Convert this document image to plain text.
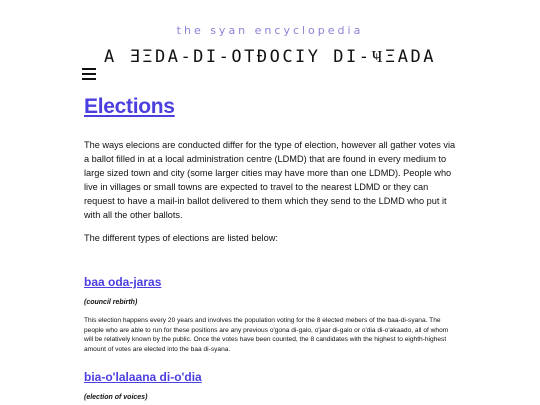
the syan encyclopedia
A ƎΞDA-DI-OTĐOCIY DI-ҸΞADA
Elections

The ways elecions are conducted differ for the type of election, however all gather votes via a ballot filled in at a local administration centre (LDMD) that are found in every medium to large sized town and city (some larger cities may have more than one LDMD). People who live in villages or small towns are expected to travel to the nearest LDMD or they can request to have a mail-in ballot delivered to them which they send to the LDMD who put it with all the other ballots.

The different types of elections are listed below:

baa oda-jaras
(council rebirth)
This election happens every 20 years and involves the population voting for the 8 elected mebers of the baa-di-syana. The people who are able to run for these positions are any previous o'gona di-galo, o'jaar di-galo or o'dia di-o'akaado, all of whom will be relatively known by the public. Once the votes have been counted, the 8 candidates with the highest to eighth-highest amount of votes are elected into the baa di-syana.
bia-o'lalaana di-o'dia
(election of voices)
